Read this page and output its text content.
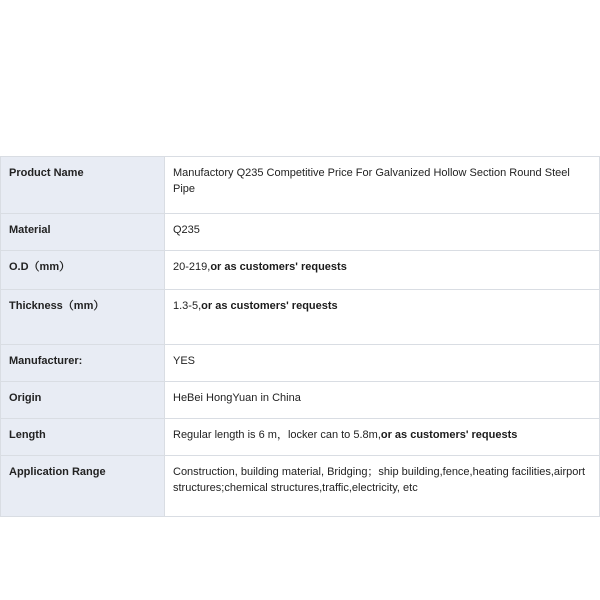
Product Name	Manufactory Q235 Competitive Price For Galvanized Hollow Section Round Steel Pipe
Material	Q235
O.D（mm）	20-219,or as customers' requests
Thickness（mm）	1.3-5,or as customers' requests
Manufacturer:	YES
Origin	HeBei HongYuan in China
Length	Regular length is 6 m，locker can to 5.8m,or as customers' requests
Application Range	Construction, building material, Bridging；ship building,fence,heating facilities,airport structures;chemical structures,traffic,electricity, etc
